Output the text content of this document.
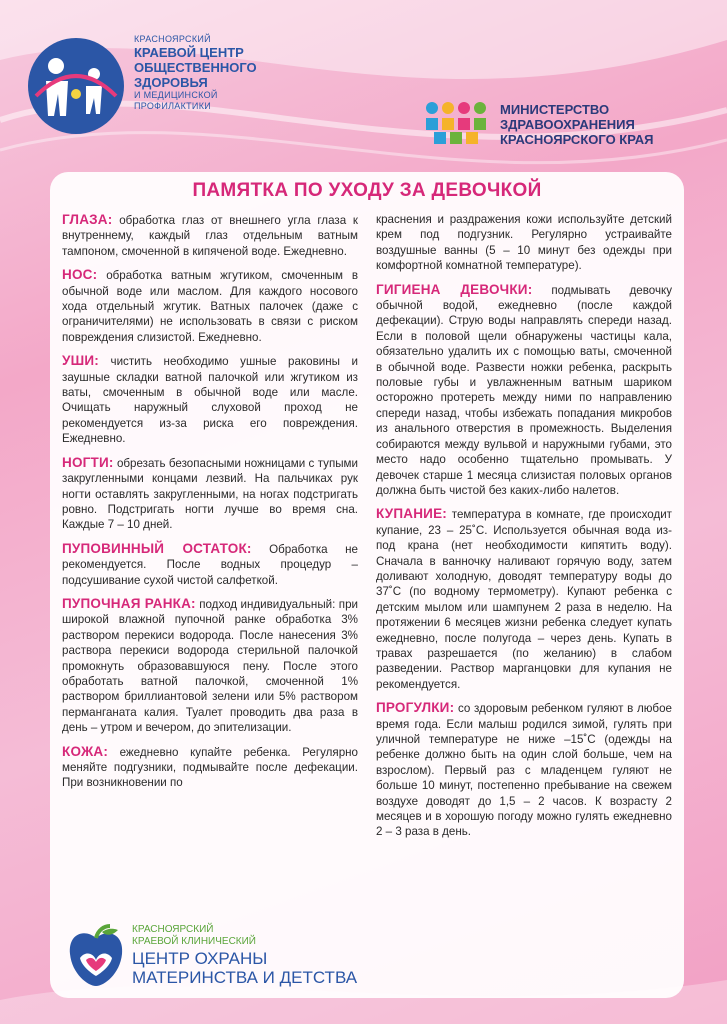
КРАСНОЯРСКИЙ
КРАЕВОЙ ЦЕНТР
ОБЩЕСТВЕННОГО
ЗДОРОВЬЯ
И МЕДИЦИНСКОЙ
ПРОФИЛАКТИКИ	МИНИСТЕРСТВО
ЗДРАВООХРАНЕНИЯ
КРАСНОЯРСКОГО КРАЯ
ПАМЯТКА ПО УХОДУ ЗА ДЕВОЧКОЙ

ГЛАЗА: обработка глаз от внешнего угла глаза к внутреннему, каждый глаз отдельным ватным тампоном, смоченной в кипяченой воде. Ежедневно.

НОС: обработка ватным жгутиком, смоченным в обычной воде или маслом. Для каждого носового хода отдельный жгутик. Ватных палочек (даже с ограничителями) не использовать в связи с риском повреждения слизистой. Ежедневно.

УШИ: чистить необходимо ушные раковины и заушные складки ватной палочкой или жгутиком из ваты, смоченным в обычной воде или масле. Очищать наружный слуховой проход не рекомендуется из-за риска его повреждения. Ежедневно.

НОГТИ: обрезать безопасными ножницами с тупыми закругленными концами лезвий. На пальчиках рук ногти оставлять закругленными, на ногах подстригать ровно. Подстригать ногти лучше во время сна. Каждые 7 – 10 дней.

ПУПОВИННЫЙ ОСТАТОК: Обработка не рекомендуется. После водных процедур – подсушивание сухой чистой салфеткой.

ПУПОЧНАЯ РАНКА: подход индивидуальный: при широкой влажной пупочной ранке обработка 3% раствором перекиси водорода. После нанесения 3% раствора перекиси водорода стерильной палочкой промокнуть образовавшуюся пену. После этого обработать ватной палочкой, смоченной 1% раствором бриллиантовой зелени или 5% раствором перманганата калия. Туалет проводить два раза в день – утром и вечером, до эпителизации.

КОЖА: ежедневно купайте ребенка. Регулярно меняйте подгузники, подмывайте после дефекации. При возникновении по

краснения и раздражения кожи используйте детский крем под подгузник. Регулярно устраивайте воздушные ванны (5 – 10 минут без одежды при комфортной комнатной температуре).

ГИГИЕНА ДЕВОЧКИ: подмывать девочку обычной водой, ежедневно (после каждой дефекации). Струю воды направлять спереди назад. Если в половой щели обнаружены частицы кала, обязательно удалить их с помощью ваты, смоченной в обычной воде. Развести ножки ребенка, раскрыть половые губы и увлажненным ватным шариком осторожно протереть между ними по направлению спереди назад, чтобы избежать попадания микробов из анального отверстия в промежность. Выделения собираются между вульвой и наружными губами, это место надо особенно тщательно промывать. У девочек старше 1 месяца слизистая половых органов должна быть чистой без каких-либо налетов.

КУПАНИЕ: температура в комнате, где происходит купание, 23 – 25˚С. Используется обычная вода из-под крана (нет необходимости кипятить воду). Сначала в ванночку наливают горячую воду, затем доливают холодную, доводят температуру воды до 37˚С (по водному термометру). Купают ребенка с детским мылом или шампунем 2 раза в неделю. На протяжении 6 месяцев жизни ребенка следует купать ежедневно, после полугода – через день. Купать в травах разрешается (по желанию) в слабом разведении. Раствор марганцовки для купания не рекомендуется.

ПРОГУЛКИ: со здоровым ребенком гуляют в любое время года. Если малыш родился зимой, гулять при уличной температуре не ниже –15˚С (одежды на ребенке должно быть на один слой больше, чем на взрослом). Первый раз с младенцем гуляют не больше 10 минут, постепенно пребывание на свежем воздухе доводят до 1,5 – 2 часов. К возрасту 2 месяцев и в хорошую погоду можно гулять ежедневно 2 – 3 раза в день.

КРАСНОЯРСКИЙ
КРАЕВОЙ КЛИНИЧЕСКИЙ
ЦЕНТР ОХРАНЫ
МАТЕРИНСТВА И ДЕТСТВА
